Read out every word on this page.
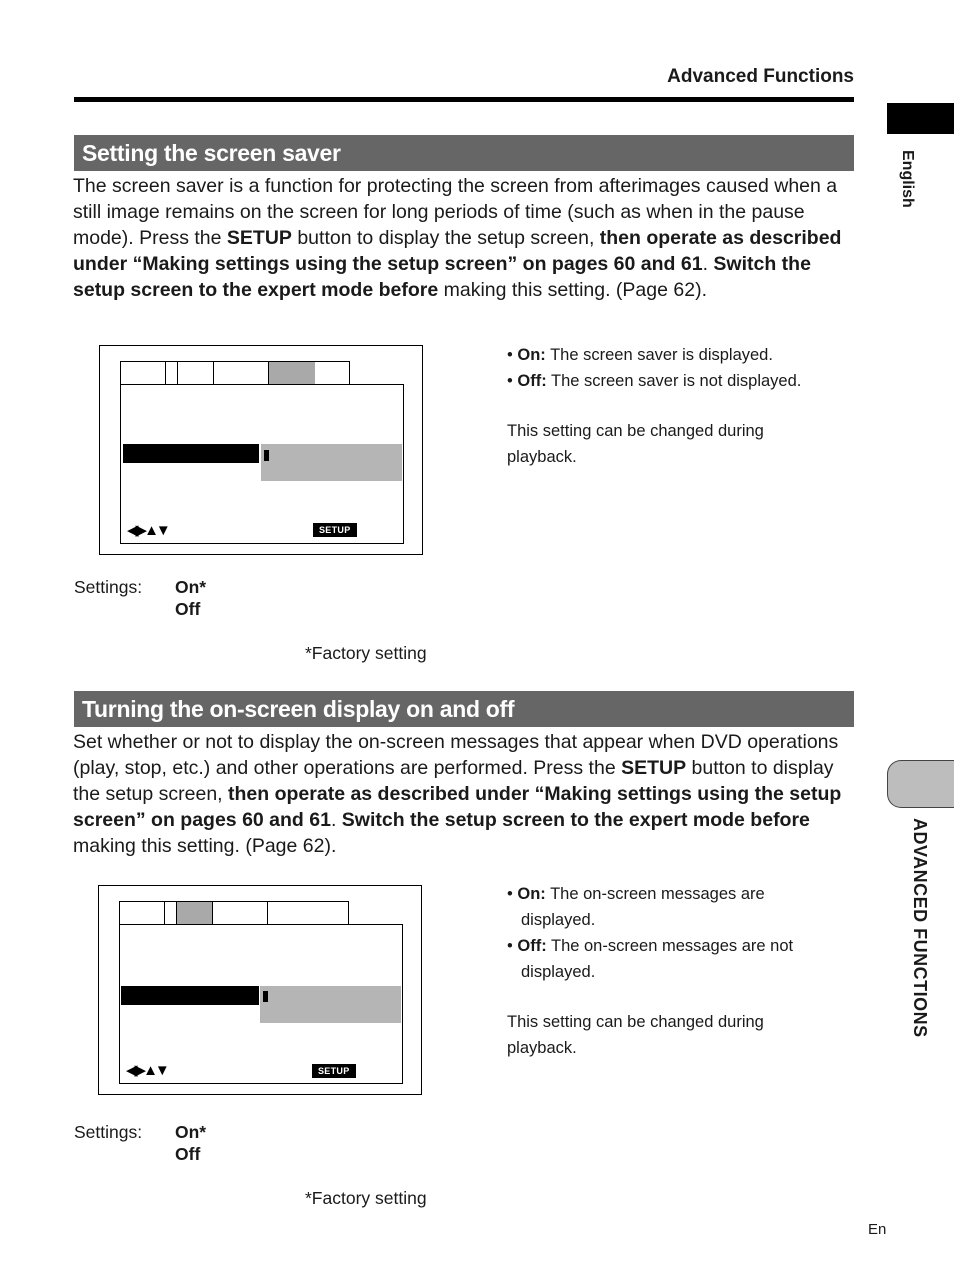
Advanced Functions
English
ADVANCED FUNCTIONS
Setting the screen saver
The screen saver is a function for protecting the screen from afterimages caused when a still image remains on the screen for long periods of time (such as when in the pause mode). Press the SETUP button to display the setup screen, then operate as described under “Making settings using the setup screen” on pages 60 and 61. Switch the setup screen to the expert mode before making this setting. (Page 62).
◀▶▲▼	SETUP
• On: The screen saver is displayed.
• Off: The screen saver is not displayed.
This setting can be changed during playback.
Settings: On*
Off
*Factory setting
Turning the on-screen display on and off
Set whether or not to display the on-screen messages that appear when DVD operations (play, stop, etc.) and other operations are performed. Press the SETUP button to display the setup screen, then operate as described under “Making settings using the setup screen” on pages 60 and 61. Switch the setup screen to the expert mode before making this setting. (Page 62).
◀▶▲▼	SETUP
• On: The on-screen messages are displayed.
• Off: The on-screen messages are not displayed.
This setting can be changed during playback.
Settings: On*
Off
*Factory setting
En
